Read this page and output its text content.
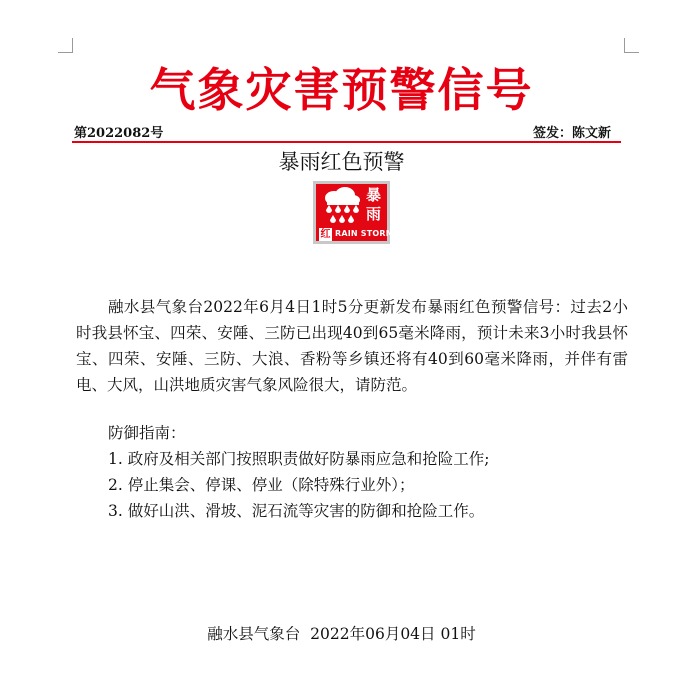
气象灾害预警信号
第2022082号	签发：陈文新
暴雨红色预警
暴
雨
红 RAIN STORM

融水县气象台2022年6月4日1时5分更新发布暴雨红色预警信号：过去2小时我县怀宝、四荣、安陲、三防已出现40到65毫米降雨，预计未来3小时我县怀宝、四荣、安陲、三防、大浪、香粉等乡镇还将有40到60毫米降雨，并伴有雷电、大风，山洪地质灾害气象风险很大，请防范。

防御指南：

1. 政府及相关部门按照职责做好防暴雨应急和抢险工作;

2. 停止集会、停课、停业（除特殊行业外）；

3. 做好山洪、滑坡、泥石流等灾害的防御和抢险工作。

融水县气象台  2022年06月04日 01时
